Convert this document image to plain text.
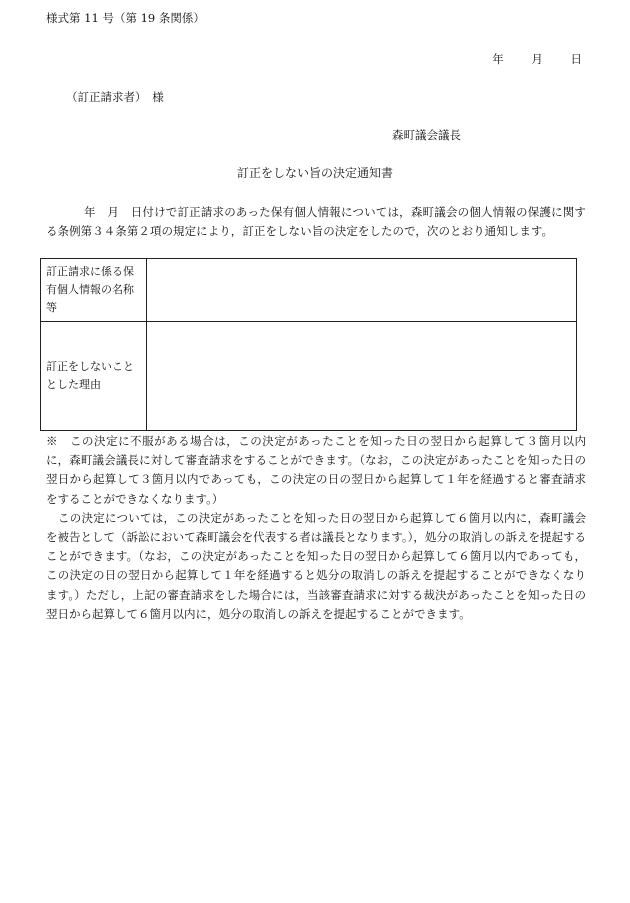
様式第 11 号（第 19 条関係）
年 月 日
（訂正請求者）　様
森町議会議長
訂正をしない旨の決定通知書
年　月　日付けで訂正請求のあった保有個人情報については，森町議会の個人情報の保護に関する条例第３４条第２項の規定により，訂正をしない旨の決定をしたので，次のとおり通知します。
訂正請求に係る保有個人情報の名称等	
訂正をしないこととした理由	

※　この決定に不服がある場合は，この決定があったことを知った日の翌日から起算して３箇月以内に，森町議会議長に対して審査請求をすることができます。（なお，この決定があったことを知った日の翌日から起算して３箇月以内であっても，この決定の日の翌日から起算して１年を経過すると審査請求をすることができなくなります。）

この決定については，この決定があったことを知った日の翌日から起算して６箇月以内に，森町議会を被告として（訴訟において森町議会を代表する者は議長となります。），処分の取消しの訴えを提起することができます。（なお，この決定があったことを知った日の翌日から起算して６箇月以内であっても，この決定の日の翌日から起算して１年を経過すると処分の取消しの訴えを提起することができなくなります。）ただし，上記の審査請求をした場合には，当該審査請求に対する裁決があったことを知った日の翌日から起算して６箇月以内に，処分の取消しの訴えを提起することができます。
